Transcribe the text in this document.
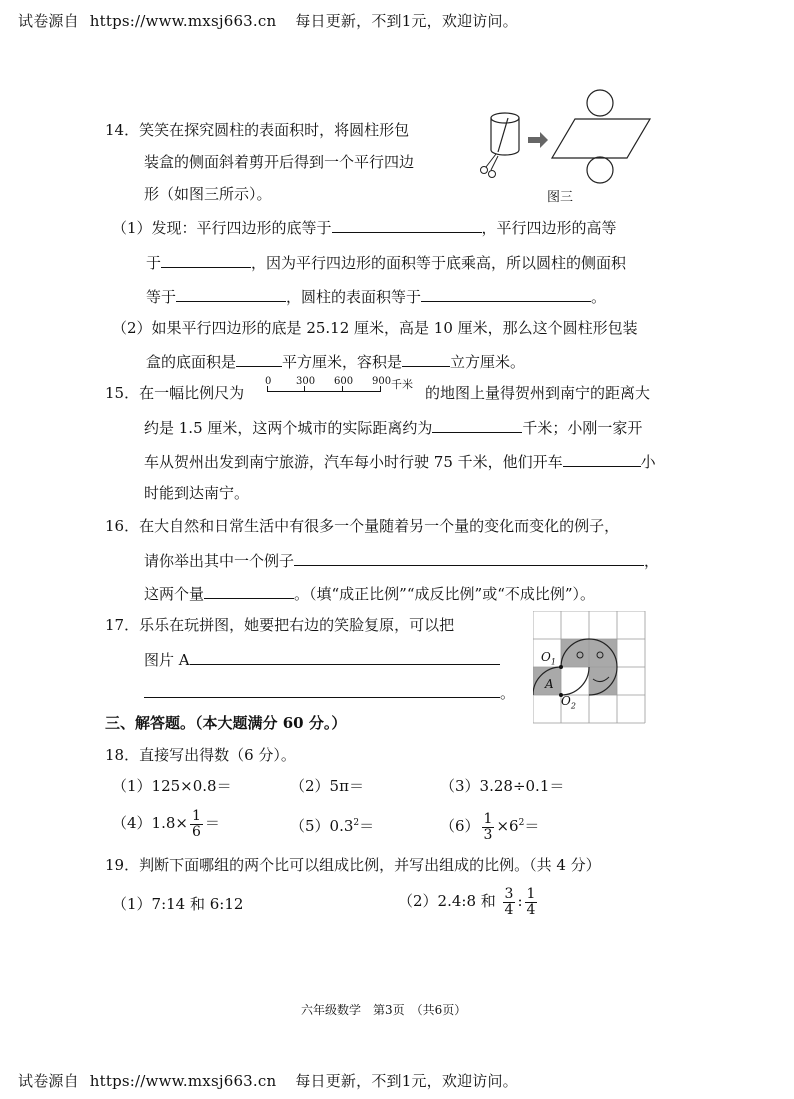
试卷源自 https://www.mxsj663.cn 每日更新，不到1元，欢迎访问。
14．笑笑在探究圆柱的表面积时，将圆柱形包
装盒的侧面斜着剪开后得到一个平行四边
形（如图三所示）。	图三
（1）发现：平行四边形的底等于	，平行四边形的高等
于	，因为平行四边形的面积等于底乘高，所以圆柱的侧面积
等于	，圆柱的表面积等于	。
（2）如果平行四边形的底是 25.12 厘米，高是 10 厘米，那么这个圆柱形包装
盒的底面积是	平方厘米，容积是	立方厘米。
15．在一幅比例尺为
0 300 600 900 千米 的地图上量得贺州到南宁的距离大
约是 1.5 厘米，这两个城市的实际距离约为	千米；小刚一家开
车从贺州出发到南宁旅游，汽车每小时行驶 75 千米，他们开车	小
时能到达南宁。
16．在大自然和日常生活中有很多一个量随着另一个量的变化而变化的例子，
请你举出其中一个例子	，
这两个量	。（填“成正比例”“成反比例”或“不成比例”）。
17．乐乐在玩拼图，她要把右边的笑脸复原，可以把
图片 A
。
$O_1$
A
$O_2$
三、解答题。（本大题满分 60 分。）
18．直接写出得数（6 分）。
（1）125×0.8＝	（2）5π＝	（3）3.28÷0.1＝
$(4)1.8\times \frac{1}{6}$ ＝	$(5)0.3^2=$	$(6) \frac{1}{3} \times 6^2=$
19．判断下面哪组的两个比可以组成比例，并写出组成的比例。（共 4 分）
（1）7:14 和 6:12	（2）2.4:8 和 $\frac{3}{4}$ : $\frac{1}{4}$
六年级数学　第3页　（共6页）
试卷源自 https://www.mxsj663.cn 每日更新，不到1元，欢迎访问。
